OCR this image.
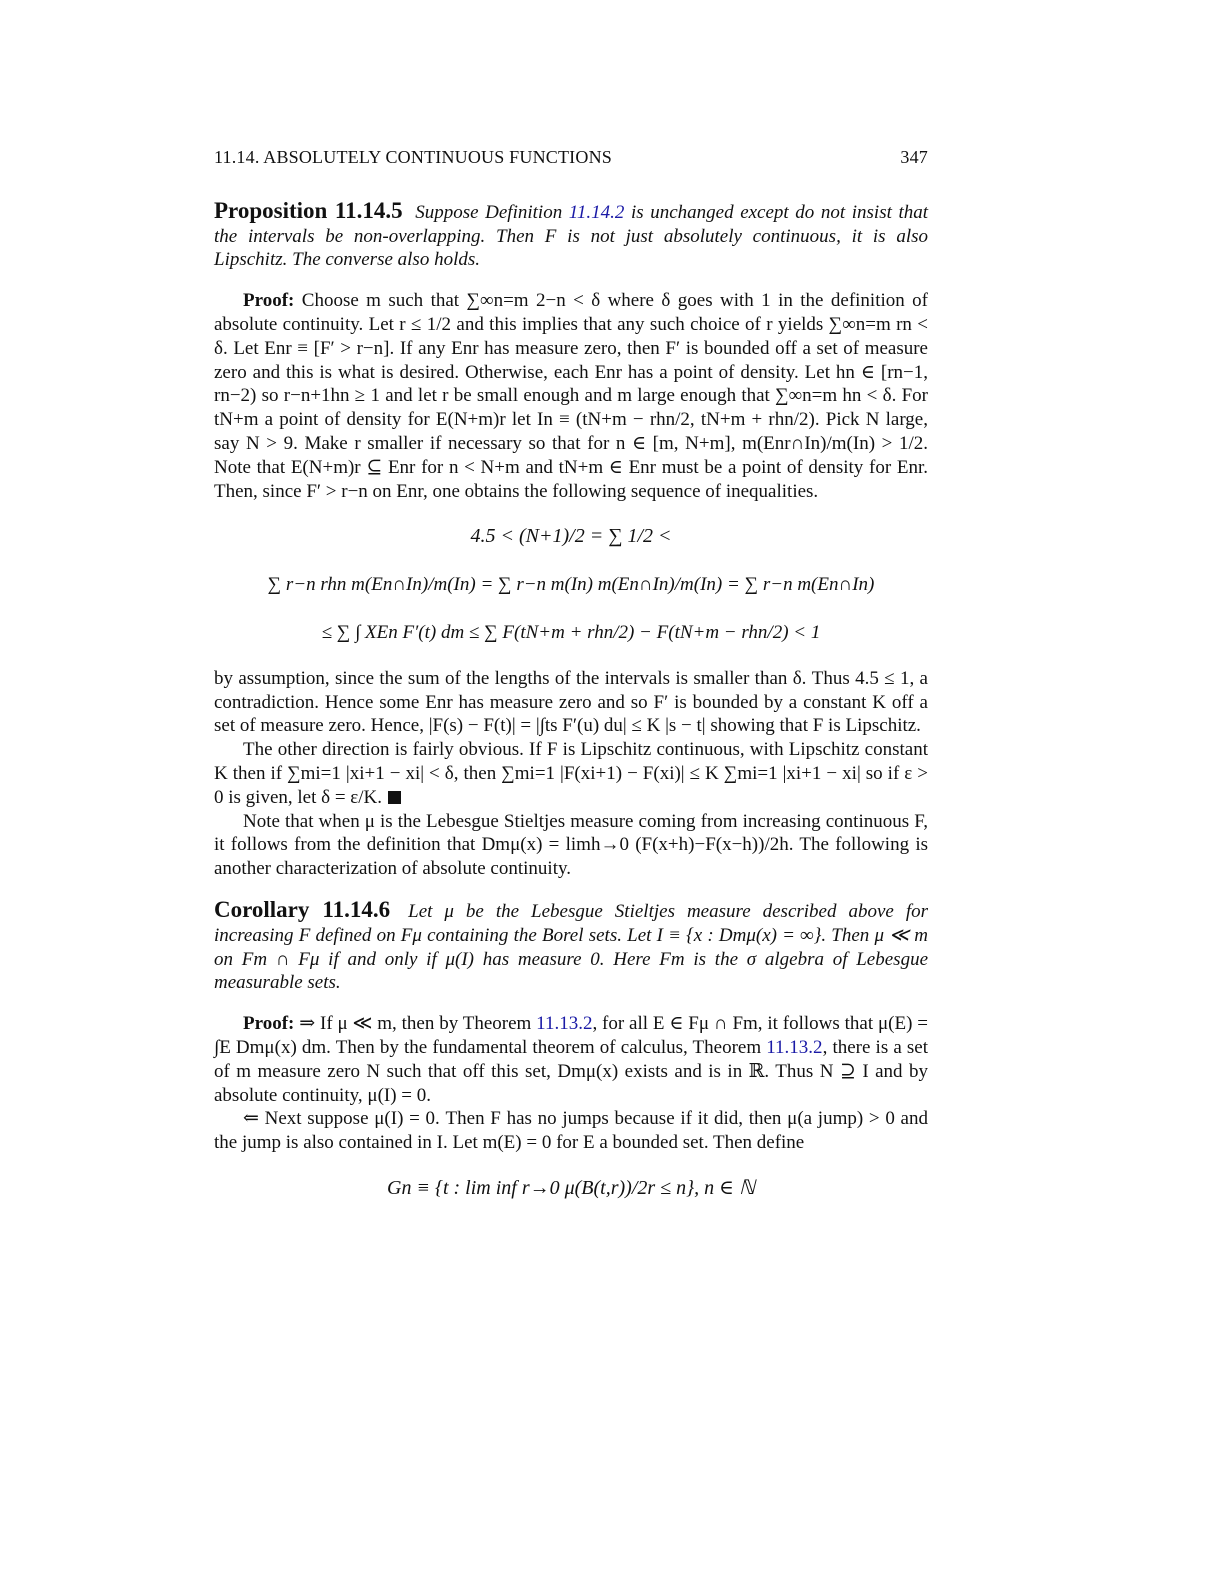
11.14. ABSOLUTELY CONTINUOUS FUNCTIONS	347

Proposition 11.14.5 Suppose Definition 11.14.2 is unchanged except do not insist that the intervals be non-overlapping. Then F is not just absolutely continuous, it is also Lipschitz. The converse also holds.

Proof: Choose m such that ∑∞n=m 2−n < δ where δ goes with 1 in the definition of absolute continuity. Let r ≤ 1/2 and this implies that any such choice of r yields ∑∞n=m rn < δ. Let Enr ≡ [F′ > r−n]. If any Enr has measure zero, then F′ is bounded off a set of measure zero and this is what is desired. Otherwise, each Enr has a point of density. Let hn ∈ [rn−1, rn−2) so r−n+1hn ≥ 1 and let r be small enough and m large enough that ∑∞n=m hn < δ. For tN+m a point of density for E(N+m)r let In ≡ (tN+m − rhn/2, tN+m + rhn/2). Pick N large, say N > 9. Make r smaller if necessary so that for n ∈ [m, N+m], m(Enr∩In)/m(In) > 1/2. Note that E(N+m)r ⊆ Enr for n < N+m and tN+m ∈ Enr must be a point of density for Enr. Then, since F′ > r−n on Enr, one obtains the following sequence of inequalities.

4.5 < (N+1)/2 = ∑ 1/2 <
∑ r−n rhn m(En∩In)/m(In) = ∑ r−n m(In) m(En∩In)/m(In) = ∑ r−n m(En∩In)
≤ ∑ ∫ XEn F′(t) dm ≤ ∑ F(tN+m + rhn/2) − F(tN+m − rhn/2) < 1

by assumption, since the sum of the lengths of the intervals is smaller than δ. Thus 4.5 ≤ 1, a contradiction. Hence some Enr has measure zero and so F′ is bounded by a constant K off a set of measure zero. Hence, |F(s) − F(t)| = |∫ts F′(u) du| ≤ K |s − t| showing that F is Lipschitz.

The other direction is fairly obvious. If F is Lipschitz continuous, with Lipschitz constant K then if ∑mi=1 |xi+1 − xi| < δ, then ∑mi=1 |F(xi+1) − F(xi)| ≤ K ∑mi=1 |xi+1 − xi| so if ε > 0 is given, let δ = ε/K.

Note that when μ is the Lebesgue Stieltjes measure coming from increasing continuous F, it follows from the definition that Dmμ(x) = limh→0 (F(x+h)−F(x−h))/2h. The following is another characterization of absolute continuity.

Corollary 11.14.6 Let μ be the Lebesgue Stieltjes measure described above for increasing F defined on Fμ containing the Borel sets. Let I ≡ {x : Dmμ(x) = ∞}. Then μ ≪ m on Fm ∩ Fμ if and only if μ(I) has measure 0. Here Fm is the σ algebra of Lebesgue measurable sets.

Proof: ⇒ If μ ≪ m, then by Theorem 11.13.2, for all E ∈ Fμ ∩ Fm, it follows that μ(E) = ∫E Dmμ(x) dm. Then by the fundamental theorem of calculus, Theorem 11.13.2, there is a set of m measure zero N such that off this set, Dmμ(x) exists and is in ℝ. Thus N ⊇ I and by absolute continuity, μ(I) = 0.

⇐ Next suppose μ(I) = 0. Then F has no jumps because if it did, then μ(a jump) > 0 and the jump is also contained in I. Let m(E) = 0 for E a bounded set. Then define

Gn ≡ {t : lim inf r→0 μ(B(t,r))/2r ≤ n}, n ∈ ℕ
